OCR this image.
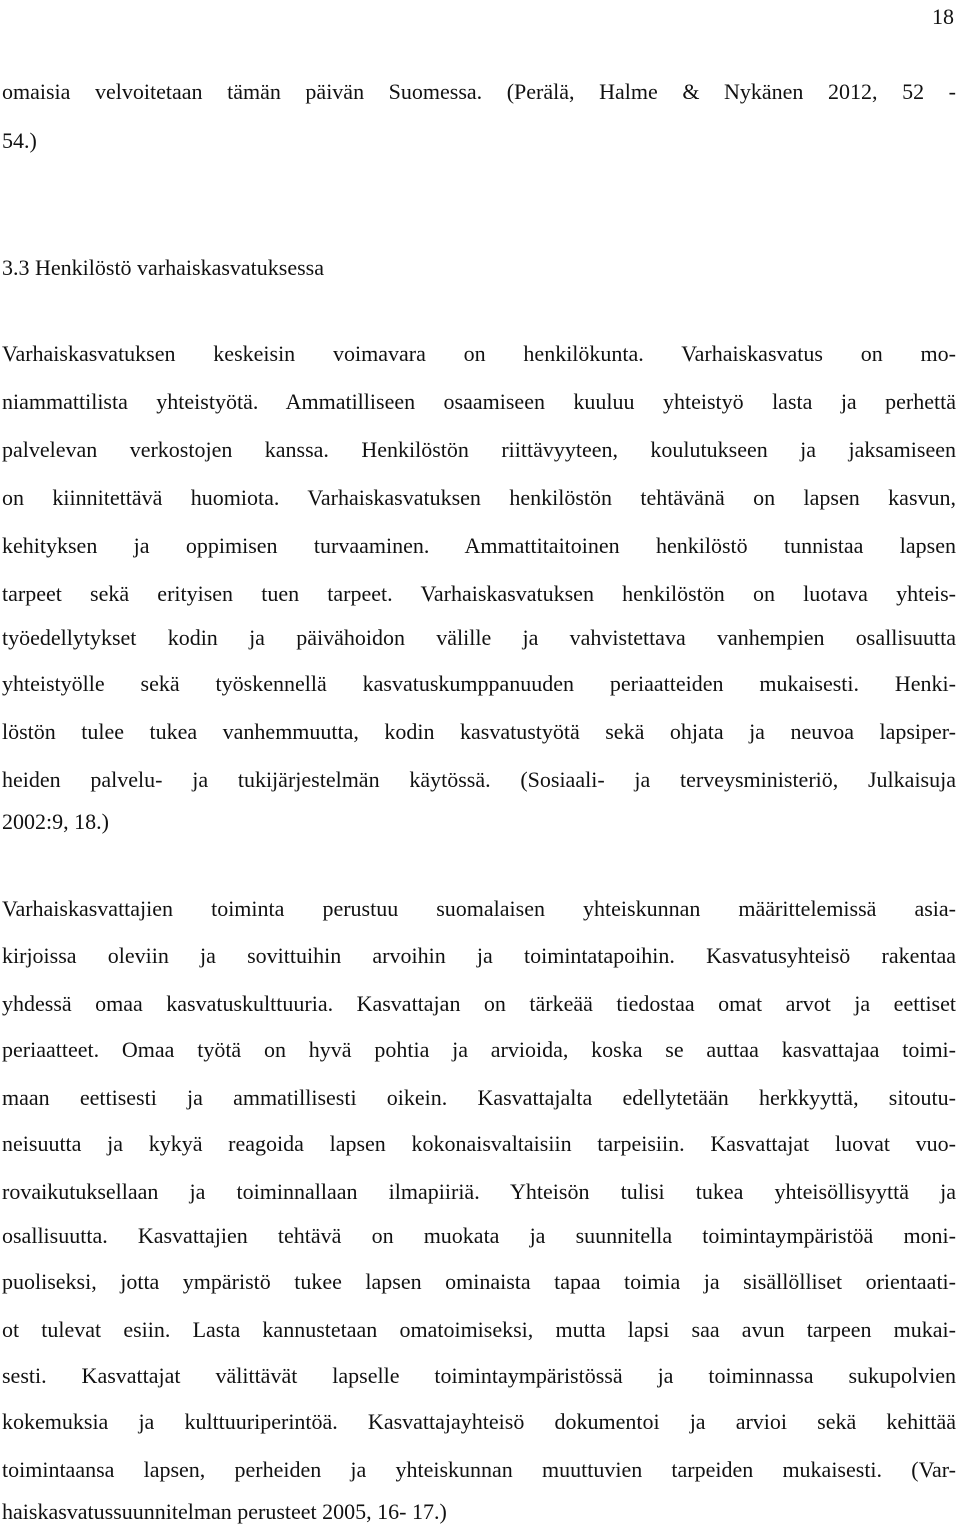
18
omaisia velvoitetaan tämän päivän Suomessa. (Perälä, Halme & Nykänen 2012, 52 -
54.)
3.3 Henkilöstö varhaiskasvatuksessa
Varhaiskasvatuksen keskeisin voimavara on henkilökunta. Varhaiskasvatus on mo-
niammattilista yhteistyötä. Ammatilliseen osaamiseen kuuluu yhteistyö lasta ja perhettä
palvelevan verkostojen kanssa. Henkilöstön riittävyyteen, koulutukseen ja jaksamiseen
on kiinnitettävä huomiota. Varhaiskasvatuksen henkilöstön tehtävänä on lapsen kasvun,
kehityksen ja oppimisen turvaaminen. Ammattitaitoinen henkilöstö tunnistaa lapsen
tarpeet sekä erityisen tuen tarpeet. Varhaiskasvatuksen henkilöstön on luotava yhteis-
työedellytykset kodin ja päivähoidon välille ja vahvistettava vanhempien osallisuutta
yhteistyölle sekä työskennellä kasvatuskumppanuuden periaatteiden mukaisesti. Henki-
löstön tulee tukea vanhemmuutta, kodin kasvatustyötä sekä ohjata ja neuvoa lapsiper-
heiden palvelu- ja tukijärjestelmän käytössä. (Sosiaali- ja terveysministeriö, Julkaisuja
2002:9, 18.)
Varhaiskasvattajien toiminta perustuu suomalaisen yhteiskunnan määrittelemissä asia-
kirjoissa oleviin ja sovittuihin arvoihin ja toimintatapoihin. Kasvatusyhteisö rakentaa
yhdessä omaa kasvatuskulttuuria. Kasvattajan on tärkeää tiedostaa omat arvot ja eettiset
periaatteet. Omaa työtä on hyvä pohtia ja arvioida, koska se auttaa kasvattajaa toimi-
maan eettisesti ja ammatillisesti oikein. Kasvattajalta edellytetään herkkyyttä, sitoutu-
neisuutta ja kykyä reagoida lapsen kokonaisvaltaisiin tarpeisiin. Kasvattajat luovat vuo-
rovaikutuksellaan ja toiminnallaan ilmapiiriä. Yhteisön tulisi tukea yhteisöllisyyttä ja
osallisuutta. Kasvattajien tehtävä on muokata ja suunnitella toimintaympäristöä moni-
puoliseksi, jotta ympäristö tukee lapsen ominaista tapaa toimia ja sisällölliset orientaati-
ot tulevat esiin. Lasta kannustetaan omatoimiseksi, mutta lapsi saa avun tarpeen mukai-
sesti. Kasvattajat välittävät lapselle toimintaympäristössä ja toiminnassa sukupolvien
kokemuksia ja kulttuuriperintöä. Kasvattajayhteisö dokumentoi ja arvioi sekä kehittää
toimintaansa lapsen, perheiden ja yhteiskunnan muuttuvien tarpeiden mukaisesti. (Var-
haiskasvatussuunnitelman perusteet 2005, 16- 17.)
